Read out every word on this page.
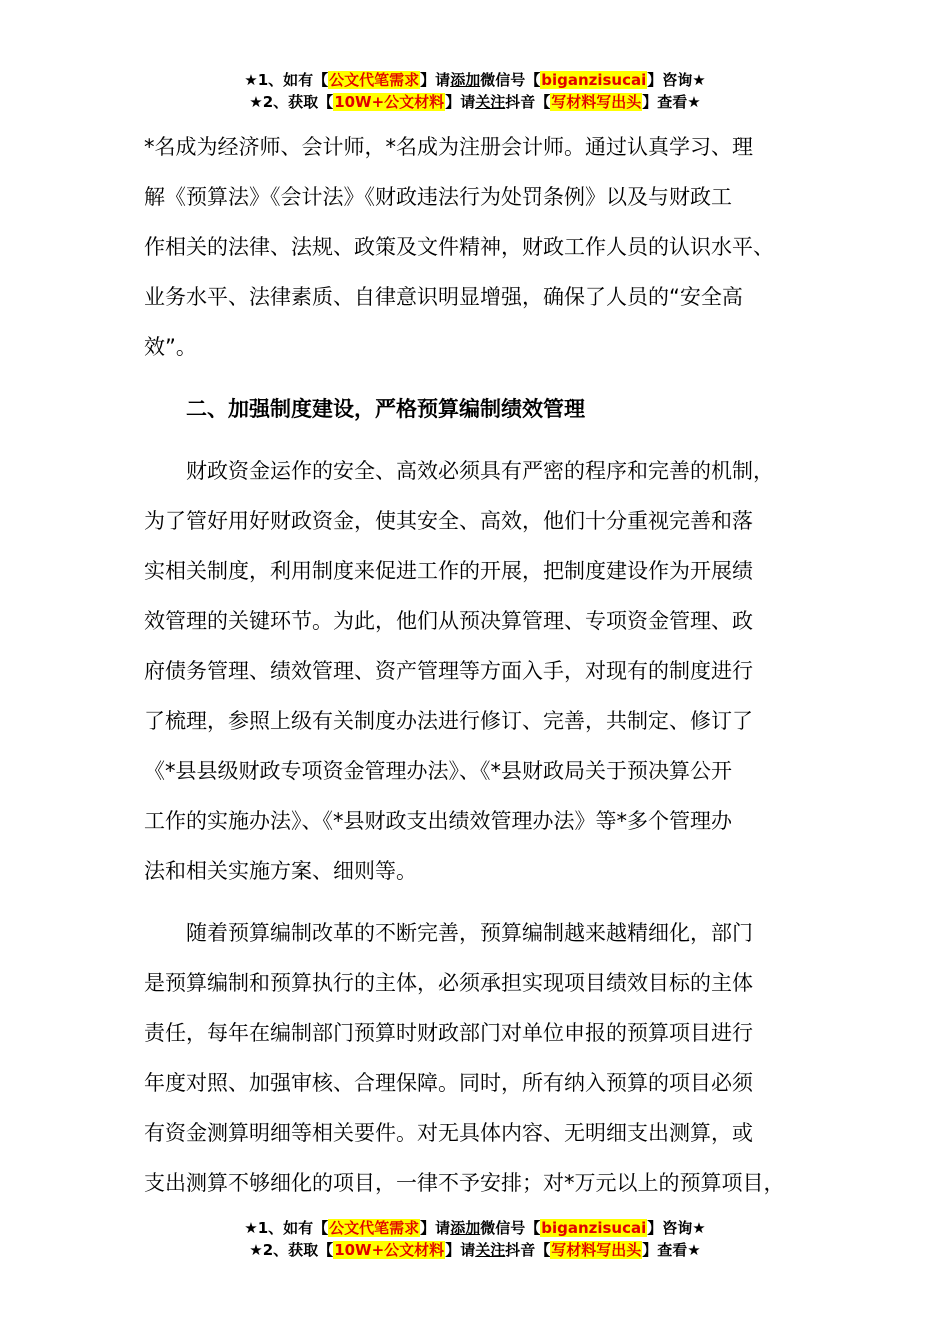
★1、如有【公文代笔需求】请添加微信号【biganzisucai】咨询★
★2、获取【10W+公文材料】请关注抖音【写材料写出头】查看★
*名成为经济师、会计师，*名成为注册会计师。通过认真学习、理
解《预算法》《会计法》《财政违法行为处罚条例》以及与财政工
作相关的法律、法规、政策及文件精神，财政工作人员的认识水平、
业务水平、法律素质、自律意识明显增强，确保了人员的“安全高
效”。
二、加强制度建设，严格预算编制绩效管理
财政资金运作的安全、高效必须具有严密的程序和完善的机制，
为了管好用好财政资金，使其安全、高效，他们十分重视完善和落
实相关制度，利用制度来促进工作的开展，把制度建设作为开展绩
效管理的关键环节。为此，他们从预决算管理、专项资金管理、政
府债务管理、绩效管理、资产管理等方面入手，对现有的制度进行
了梳理，参照上级有关制度办法进行修订、完善，共制定、修订了
《*县县级财政专项资金管理办法》、《*县财政局关于预决算公开
工作的实施办法》、《*县财政支出绩效管理办法》等*多个管理办
法和相关实施方案、细则等。
随着预算编制改革的不断完善，预算编制越来越精细化，部门
是预算编制和预算执行的主体，必须承担实现项目绩效目标的主体
责任，每年在编制部门预算时财政部门对单位申报的预算项目进行
年度对照、加强审核、合理保障。同时，所有纳入预算的项目必须
有资金测算明细等相关要件。对无具体内容、无明细支出测算，或
支出测算不够细化的项目，一律不予安排；对*万元以上的预算项目，
★1、如有【公文代笔需求】请添加微信号【biganzisucai】咨询★
★2、获取【10W+公文材料】请关注抖音【写材料写出头】查看★
